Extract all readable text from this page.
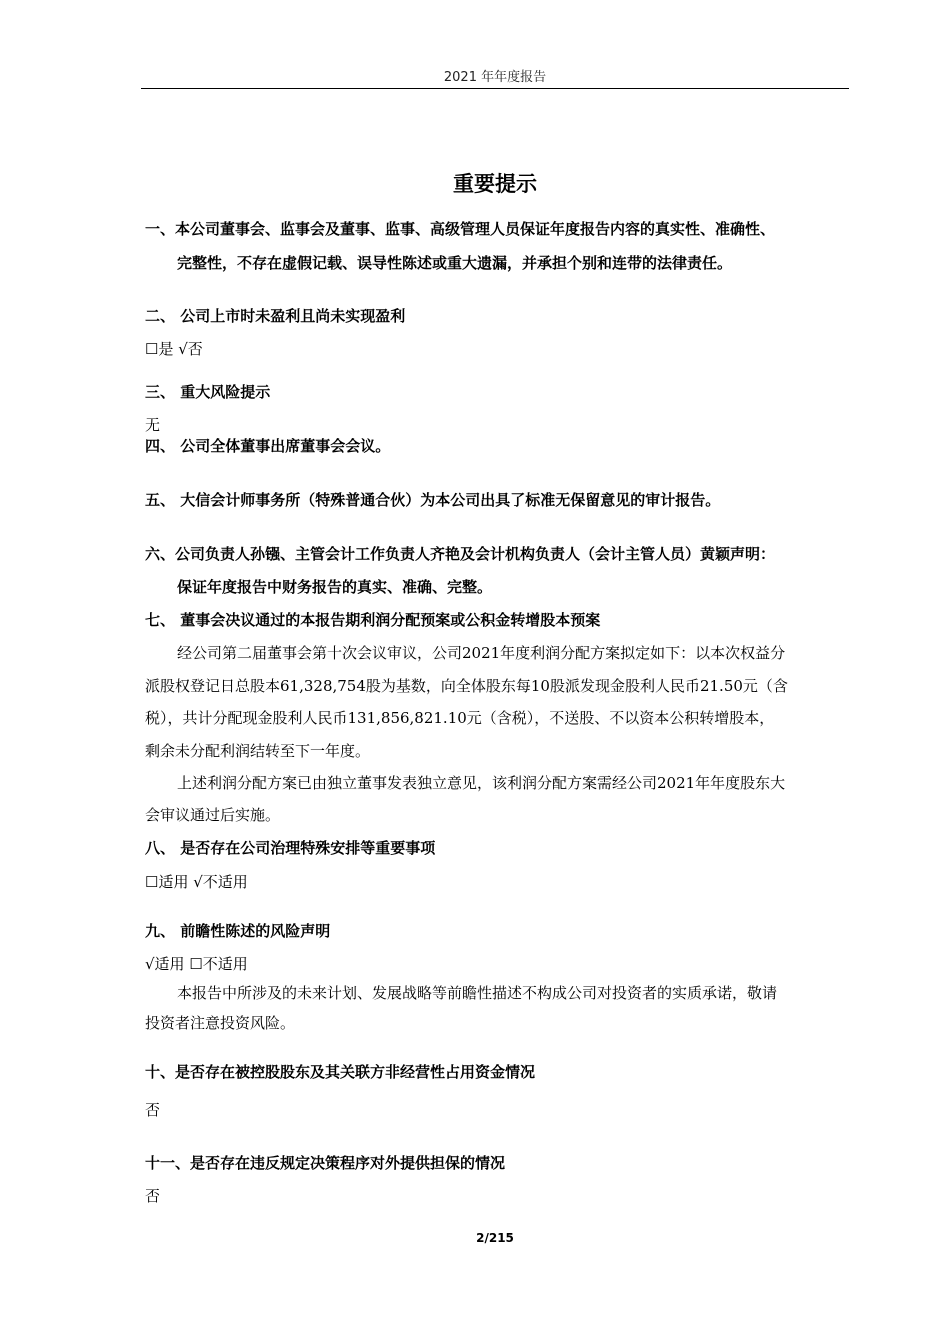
2021 年年度报告
重要提示
一、本公司董事会、监事会及董事、监事、高级管理人员保证年度报告内容的真实性、准确性、
完整性，不存在虚假记载、误导性陈述或重大遗漏，并承担个别和连带的法律责任。
二、 公司上市时未盈利且尚未实现盈利
☐是 √否
三、 重大风险提示
无
四、 公司全体董事出席董事会会议。
五、 大信会计师事务所（特殊普通合伙）为本公司出具了标准无保留意见的审计报告。
六、公司负责人孙镪、主管会计工作负责人齐艳及会计机构负责人（会计主管人员）黄颖声明：
保证年度报告中财务报告的真实、准确、完整。
七、 董事会决议通过的本报告期利润分配预案或公积金转增股本预案
经公司第二届董事会第十次会议审议，公司2021年度利润分配方案拟定如下：以本次权益分
派股权登记日总股本61,328,754股为基数，向全体股东每10股派发现金股利人民币21.50元（含
税），共计分配现金股利人民币131,856,821.10元（含税），不送股、不以资本公积转增股本，
剩余未分配利润结转至下一年度。
上述利润分配方案已由独立董事发表独立意见，该利润分配方案需经公司2021年年度股东大
会审议通过后实施。
八、 是否存在公司治理特殊安排等重要事项
☐适用 √不适用
九、 前瞻性陈述的风险声明
√适用 ☐不适用
本报告中所涉及的未来计划、发展战略等前瞻性描述不构成公司对投资者的实质承诺，敬请
投资者注意投资风险。
十、是否存在被控股股东及其关联方非经营性占用资金情况
否
十一、是否存在违反规定决策程序对外提供担保的情况
否
2/215
